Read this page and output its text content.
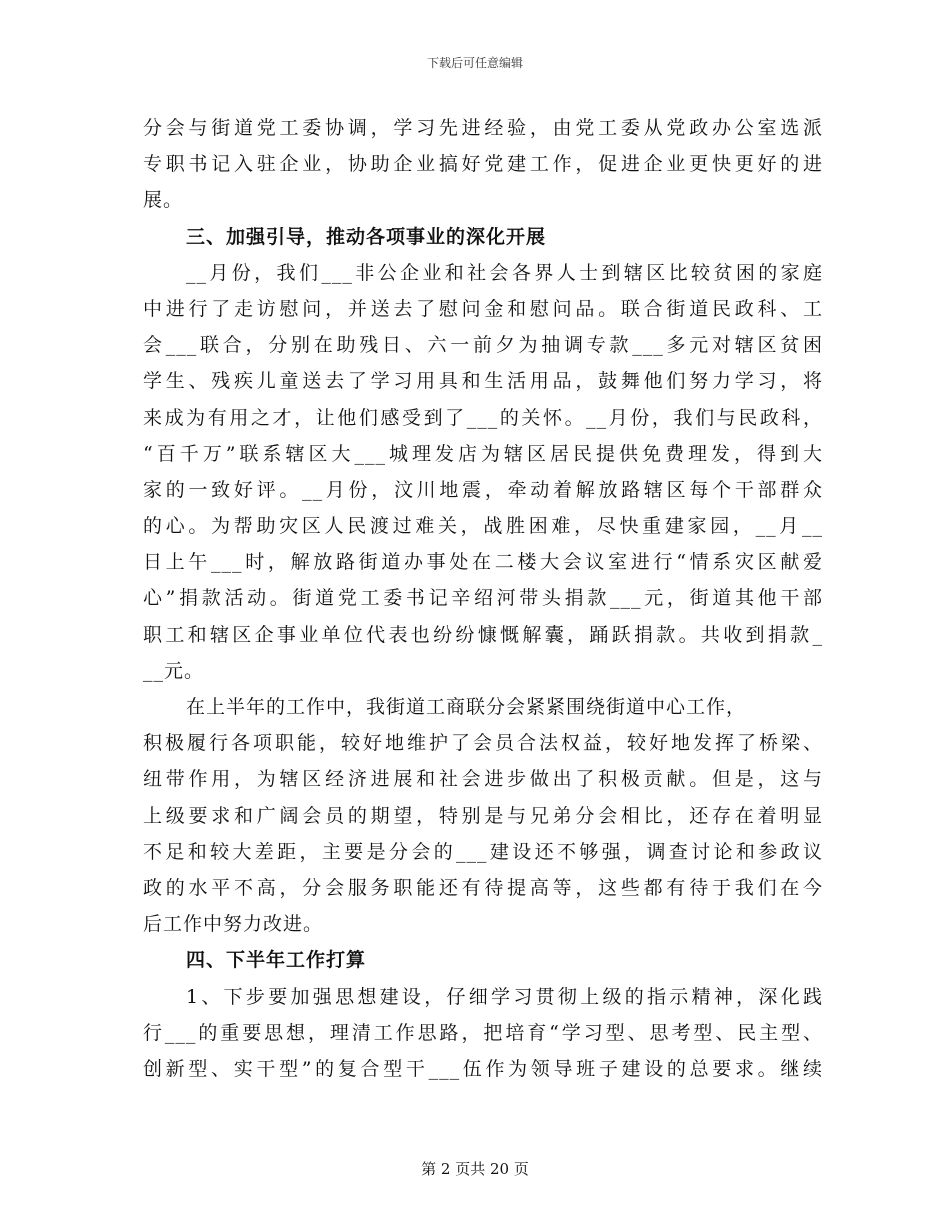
下载后可任意编辑
分会与街道党工委协调，学习先进经验，由党工委从党政办公室选派
专职书记入驻企业，协助企业搞好党建工作，促进企业更快更好的进
展。
三、加强引导，推动各项事业的深化开展
__月份，我们___非公企业和社会各界人士到辖区比较贫困的家庭
中进行了走访慰问，并送去了慰问金和慰问品。联合街道民政科、工
会___联合，分别在助残日、六一前夕为抽调专款___多元对辖区贫困
学生、残疾儿童送去了学习用具和生活用品，鼓舞他们努力学习，将
来成为有用之才，让他们感受到了___的关怀。__月份，我们与民政科，
“百千万”联系辖区大___城理发店为辖区居民提供免费理发，得到大
家的一致好评。__月份，汶川地震，牵动着解放路辖区每个干部群众
的心。为帮助灾区人民渡过难关，战胜困难，尽快重建家园，__月__
日上午___时，解放路街道办事处在二楼大会议室进行“情系灾区献爱
心”捐款活动。街道党工委书记辛绍河带头捐款___元，街道其他干部
职工和辖区企事业单位代表也纷纷慷慨解囊，踊跃捐款。共收到捐款_
__元。
在上半年的工作中，我街道工商联分会紧紧围绕街道中心工作，
积极履行各项职能，较好地维护了会员合法权益，较好地发挥了桥梁、
纽带作用，为辖区经济进展和社会进步做出了积极贡献。但是，这与
上级要求和广阔会员的期望，特别是与兄弟分会相比，还存在着明显
不足和较大差距，主要是分会的___建设还不够强，调查讨论和参政议
政的水平不高，分会服务职能还有待提高等，这些都有待于我们在今
后工作中努力改进。
四、下半年工作打算
1、下步要加强思想建设，仔细学习贯彻上级的指示精神，深化践
行___的重要思想，理清工作思路，把培育“学习型、思考型、民主型、
创新型、实干型”的复合型干___伍作为领导班子建设的总要求。继续
第 2 页共 20 页
